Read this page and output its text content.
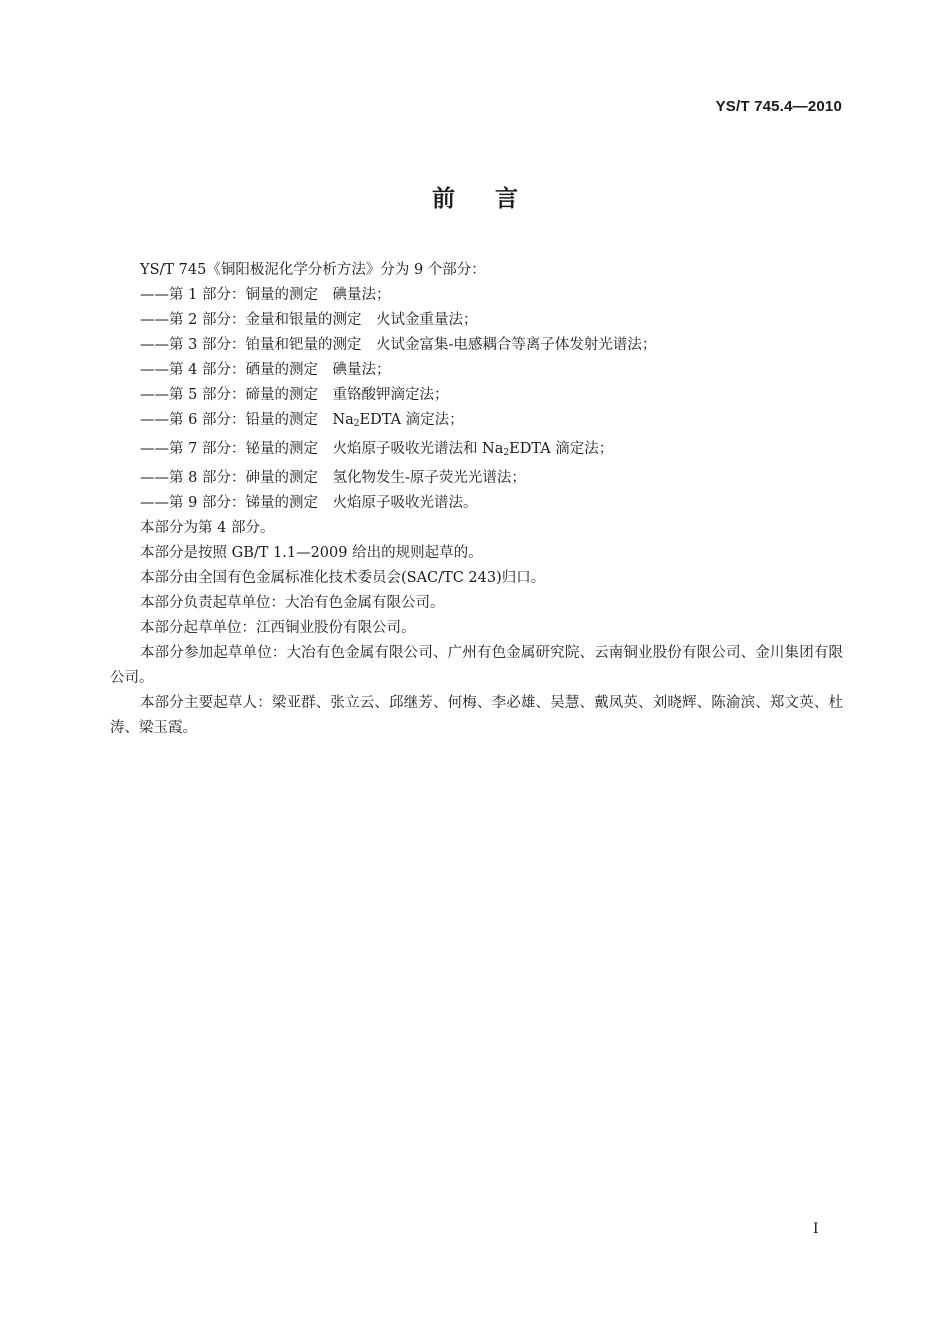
YS/T 745.4—2010
前言

YS/T 745《铜阳极泥化学分析方法》分为 9 个部分：

——第 1 部分：铜量的测定　碘量法；

——第 2 部分：金量和银量的测定　火试金重量法；

——第 3 部分：铂量和钯量的测定　火试金富集-电感耦合等离子体发射光谱法；

——第 4 部分：硒量的测定　碘量法；

——第 5 部分：碲量的测定　重铬酸钾滴定法；

——第 6 部分：铅量的测定　$Na_2EDTA$ 滴定法；

——第 7 部分：铋量的测定　火焰原子吸收光谱法和 $Na_2EDTA$ 滴定法；

——第 8 部分：砷量的测定　氢化物发生-原子荧光光谱法；

——第 9 部分：锑量的测定　火焰原子吸收光谱法。

本部分为第 4 部分。

本部分是按照 GB/T 1.1—2009 给出的规则起草的。

本部分由全国有色金属标准化技术委员会(SAC/TC 243)归口。

本部分负责起草单位：大冶有色金属有限公司。

本部分起草单位：江西铜业股份有限公司。

本部分参加起草单位：大冶有色金属有限公司、广州有色金属研究院、云南铜业股份有限公司、金川集团有限公司。

本部分主要起草人：梁亚群、张立云、邱继芳、何梅、李必雄、吴慧、戴凤英、刘晓辉、陈渝滨、郑文英、杜涛、梁玉霞。

I
